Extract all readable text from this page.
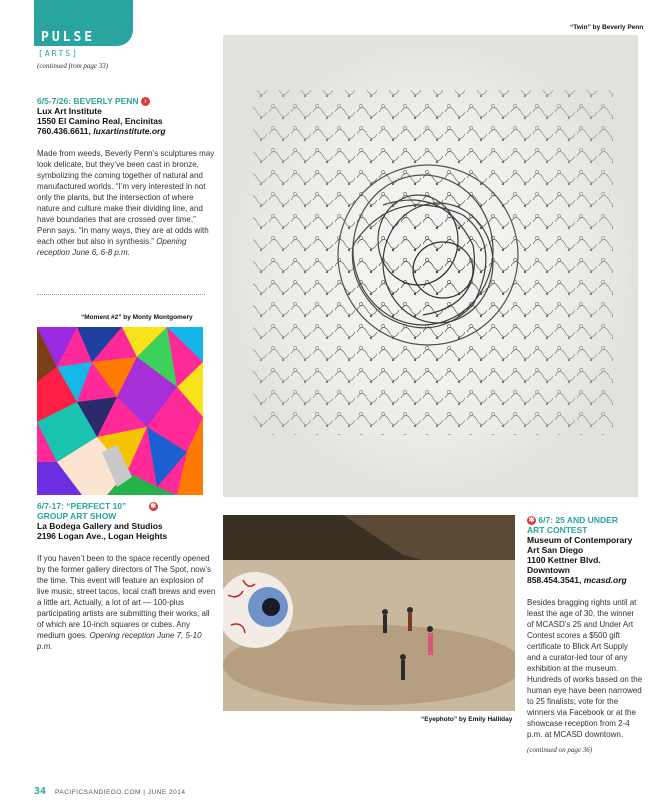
PULSE
[ARTS]
(continued from page 33)
6/5-7/26: BEVERLY PENN ›
Lux Art Institute
1550 El Camino Real, Encinitas
760.436.6611, luxartinstitute.org
Made from weeds, Beverly Penn’s sculptures may look delicate, but they’ve been cast in bronze, symbolizing the coming together of natural and manufactured worlds. “I’m very interested in not only the plants, but the intersection of where nature and culture make their dividing line, and have boundaries that are crossed over time,” Penn says. “In many ways, they are at odds with each other but also in synthesis.” Opening reception June 6, 6-8 p.m.
“Moment #2” by Monty Montgomery
6/7-17: “PERFECT 10”	✱
GROUP ART SHOW
La Bodega Gallery and Studios
2196 Logan Ave., Logan Heights
If you haven’t been to the space recently opened by the former gallery directors of The Spot, now’s the time. This event will feature an explosion of live music, street tacos, local craft brews and even a little art. Actually, a lot of art — 100-plus participating artists are submitting their works, all of which are 10-inch squares or cubes. Any medium goes. Opening reception June 7, 5-10 p.m.
“Twin” by Beverly Penn
“Eyephoto” by Emily Halliday
✱ 6/7: 25 AND UNDER
ART CONTEST
Museum of Contemporary
Art San Diego
1100 Kettner Blvd.
Downtown
858.454.3541, mcasd.org
Besides bragging rights until at least the age of 30, the winner of MCASD’s 25 and Under Art Contest scores a $500 gift certificate to Blick Art Supply and a curator-led tour of any exhibition at the museum. Hundreds of works based on the human eye have been narrowed to 25 finalists; vote for the winners via Facebook or at the showcase reception from 2-4 p.m. at MCASD downtown.
(continued on page 36)
34 PACIFICSANDIEGO.COM | JUNE 2014
